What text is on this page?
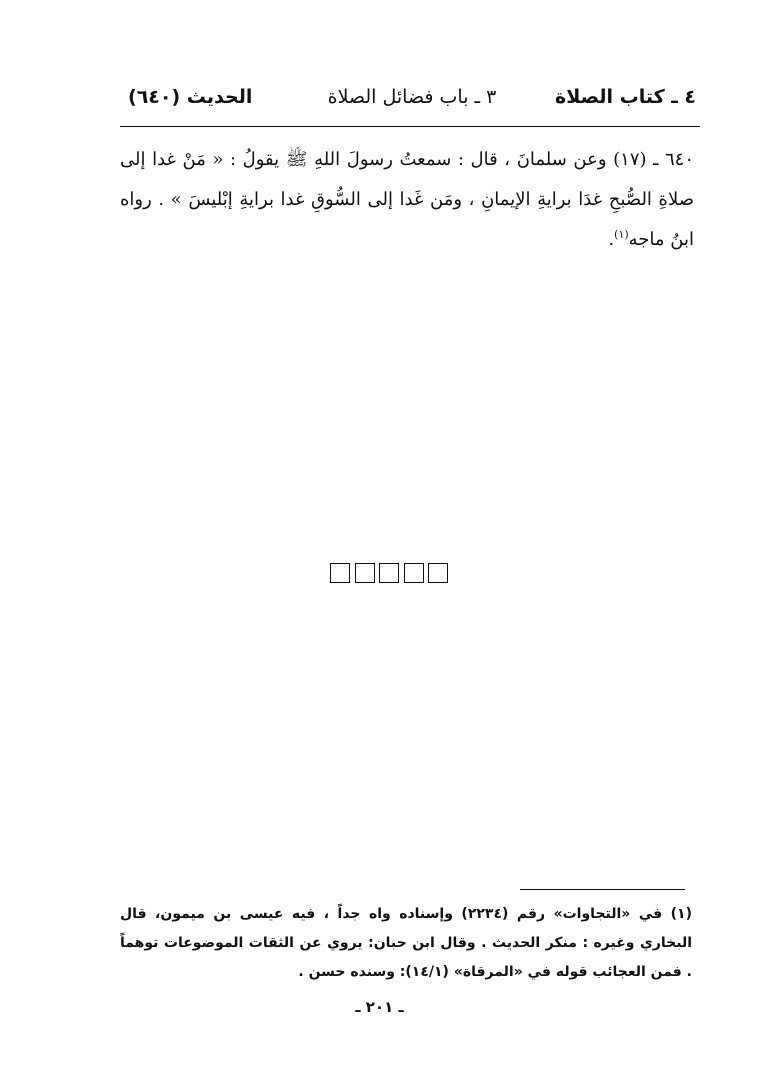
٤ ـ كتاب الصلاة
٣ ـ باب فضائل الصلاة
الحديث (٦٤٠)
٦٤٠ ـ (١٧) وعن سلمانَ ، قال : سمعتُ رسولَ اللهِ ﷺ يقولُ : « مَنْ غدا إلى صلاةِ الصُّبحِ غدَا برايةِ الإيمانِ ، ومَن غَدا إلى السُّوقِ غدا برايةِ إبْليسَ » . رواه ابنُ ماجه$^{(١)}$.
(١) في «التجاوات» رقم (٢٢٣٤) وإسناده واه جداً ، فيه عيسى بن ميمون، قال البخاري وغيره : منكر الحديث . وقال ابن حبان: يروي عن الثقات الموضوعات توهماً . فمن العجائب قوله في «المرقاة» (١٤/١): وسنده حسن .
ـ ٢٠١ ـ
